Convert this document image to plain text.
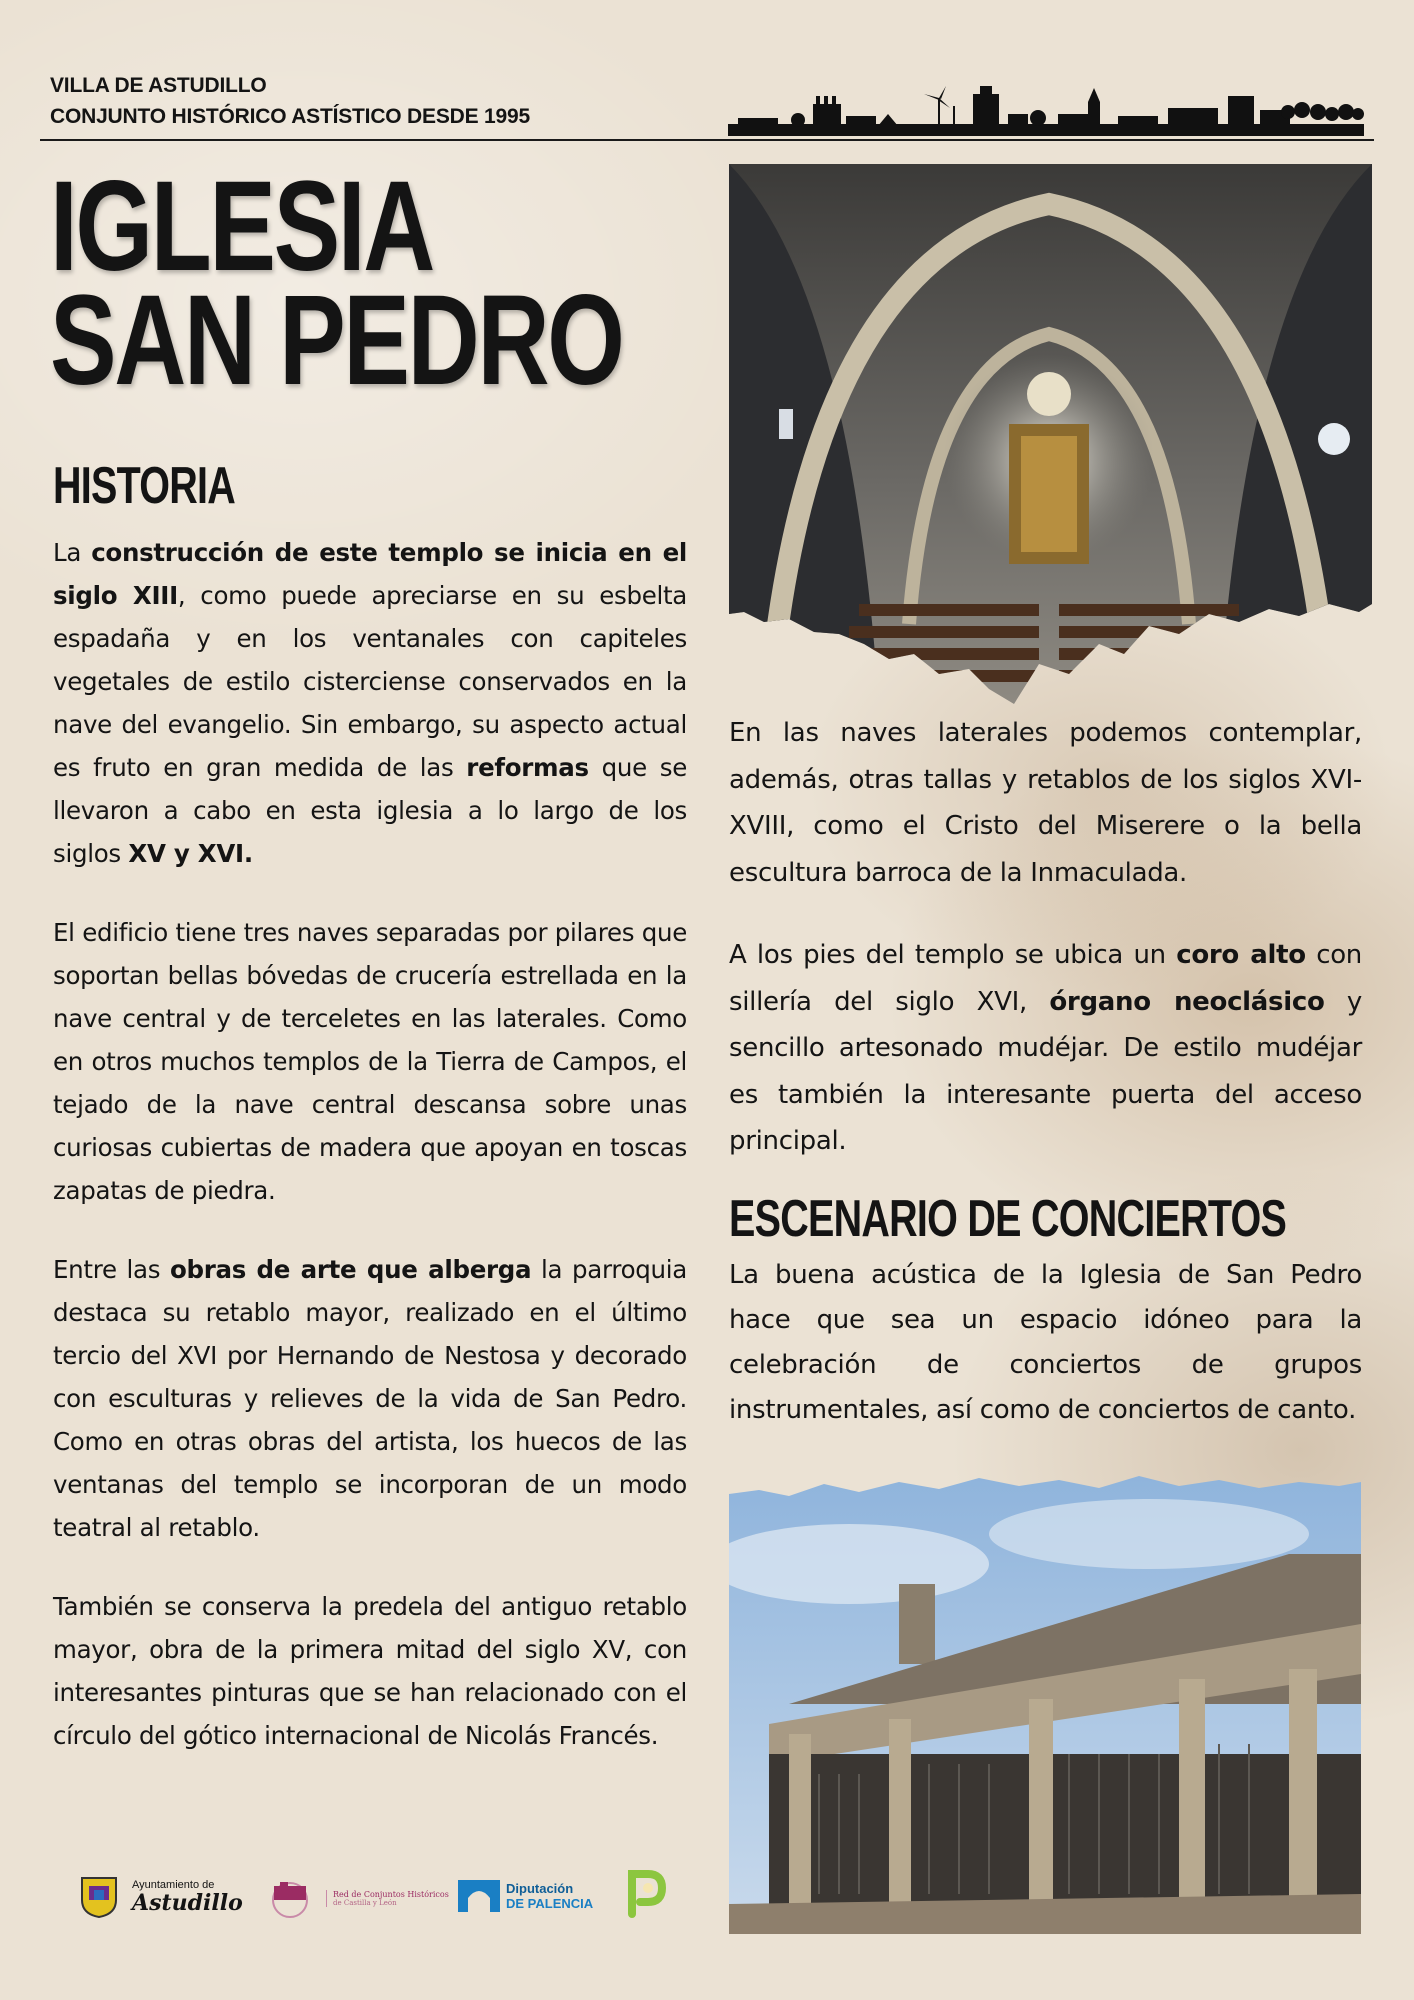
VILLA DE ASTUDILLO
CONJUNTO HISTÓRICO ASTÍSTICO DESDE 1995
IGLESIA
SAN PEDRO
HISTORIA

La construcción de este templo se inicia en el siglo XIII, como puede apreciarse en su esbelta espadaña y en los ventanales con capiteles vegetales de estilo cisterciense conservados en la nave del evangelio. Sin embargo, su aspecto actual es fruto en gran medida de las reformas que se llevaron a cabo en esta iglesia a lo largo de los siglos XV y XVI.

El edificio tiene tres naves separadas por pilares que soportan bellas bóvedas de crucería estrellada en la nave central y de terceletes en las laterales. Como en otros muchos templos de la Tierra de Campos, el tejado de la nave central descansa sobre unas curiosas cubiertas de madera que apoyan en toscas zapatas de piedra.

Entre las obras de arte que alberga la parroquia destaca su retablo mayor, realizado en el último tercio del XVI por Hernando de Nestosa y decorado con esculturas y relieves de la vida de San Pedro. Como en otras obras del artista, los huecos de las ventanas del templo se incorporan de un modo teatral al retablo.

También se conserva la predela del antiguo retablo mayor, obra de la primera mitad del siglo XV, con interesantes pinturas que se han relacionado con el círculo del gótico internacional de Nicolás Francés.

En las naves laterales podemos contemplar, además, otras tallas y retablos de los siglos XVI-XVIII, como el Cristo del Miserere o la bella escultura barroca de la Inmaculada.

A los pies del templo se ubica un coro alto con sillería del siglo XVI, órgano neoclásico y sencillo artesonado mudéjar. De estilo mudéjar es también la interesante puerta del acceso principal.

ESCENARIO DE CONCIERTOS

La buena acústica de la Iglesia de San Pedro hace que sea un espacio idóneo para la celebración de conciertos de grupos instrumentales, así como de conciertos de canto.

Ayuntamiento de
Astudillo	Red de Conjuntos Históricos
de Castilla y León
Diputación
DE PALENCIA
